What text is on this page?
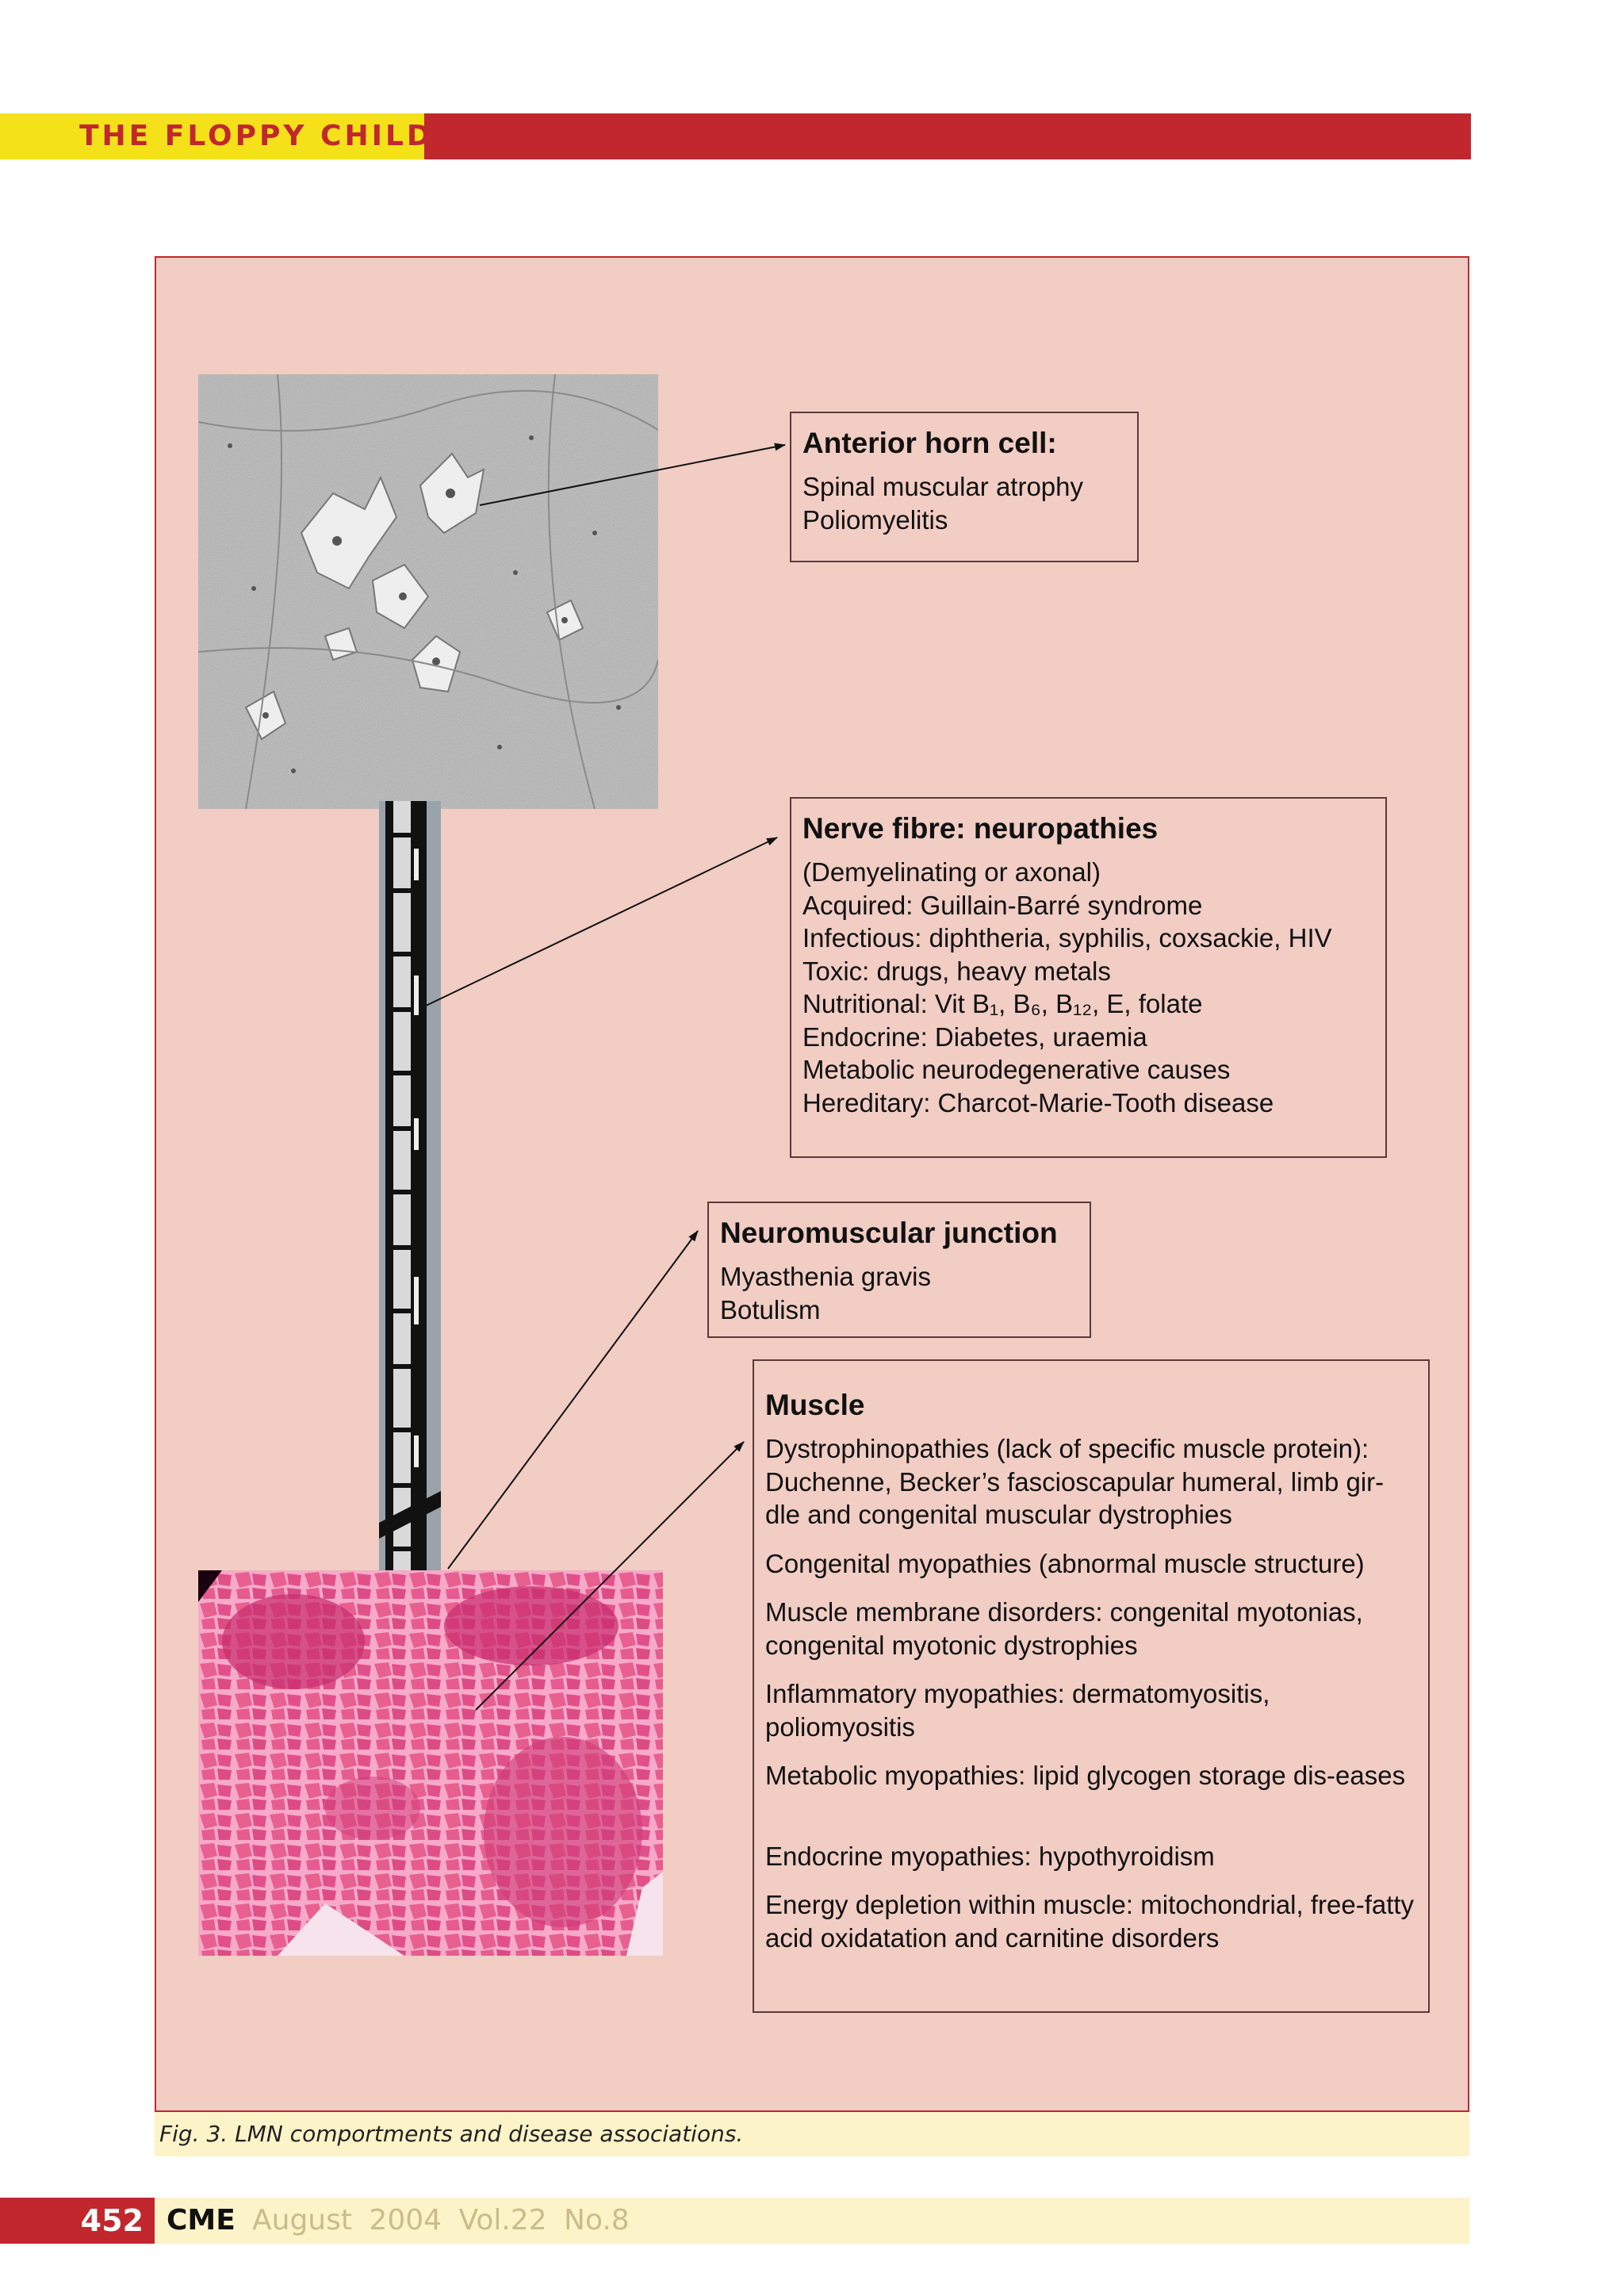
THE FLOPPY CHILD
Anterior horn cell:
Spinal muscular atrophy
Poliomyelitis
Nerve fibre: neuropathies
(Demyelinating or axonal)
Acquired: Guillain-Barré syndrome
Infectious: diphtheria, syphilis, coxsackie, HIV
Toxic: drugs, heavy metals
Nutritional: Vit B₁, B₆, B₁₂, E, folate
Endocrine: Diabetes, uraemia
Metabolic neurodegenerative causes
Hereditary: Charcot-Marie-Tooth disease
Neuromuscular junction
Myasthenia gravis
Botulism
Muscle

Dystrophinopathies (lack of specific muscle protein): Duchenne, Becker’s fascioscapular humeral, limb gir-dle and congenital muscular dystrophies

Congenital myopathies (abnormal muscle structure)

Muscle membrane disorders: congenital myotonias, congenital myotonic dystrophies

Inflammatory myopathies: dermatomyositis, poliomyositis

Metabolic myopathies: lipid glycogen storage dis-eases

Endocrine myopathies: hypothyroidism

Energy depletion within muscle: mitochondrial, free-fatty acid oxidatation and carnitine disorders

Fig. 3. LMN comportments and disease associations.
452 CME August 2004 Vol.22 No.8
